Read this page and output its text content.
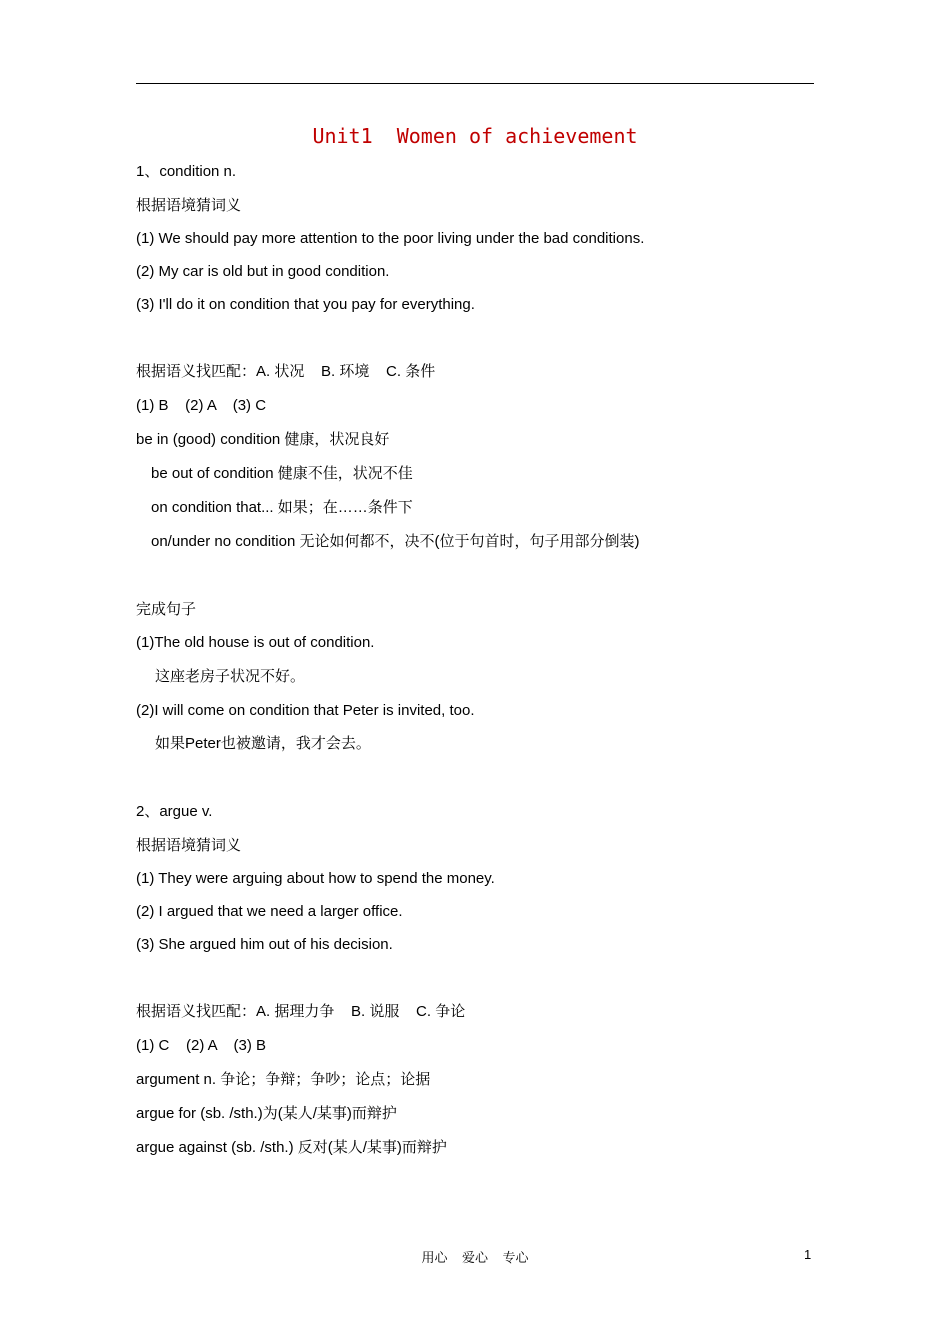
Unit1  Women of achievement
1、condition n.
根据语境猜词义
(1) We should pay more attention to the poor living under the bad conditions.
(2) My car is old but in good condition.
(3) I'll do it on condition that you pay for everything.
根据语义找匹配：A. 状况    B. 环境    C. 条件
(1) B    (2) A    (3) C
be in (good) condition 健康，状况良好
be out of condition 健康不佳，状况不佳
on condition that... 如果；在……条件下
on/under no condition 无论如何都不，决不(位于句首时，句子用部分倒装)
完成句子
(1)The old house is out of condition.
这座老房子状况不好。
(2)I will come on condition that Peter is invited, too.
如果Peter也被邀请，我才会去。
2、argue v.
根据语境猜词义
(1) They were arguing about how to spend the money.
(2) I argued that we need a larger office.
(3) She argued him out of his decision.
根据语义找匹配：A. 据理力争    B. 说服    C. 争论
(1) C    (2) A    (3) B
argument n. 争论；争辩；争吵；论点；论据
argue for (sb. /sth.)为(某人/某事)而辩护
argue against (sb. /sth.) 反对(某人/某事)而辩护
用心    爱心    专心	1
